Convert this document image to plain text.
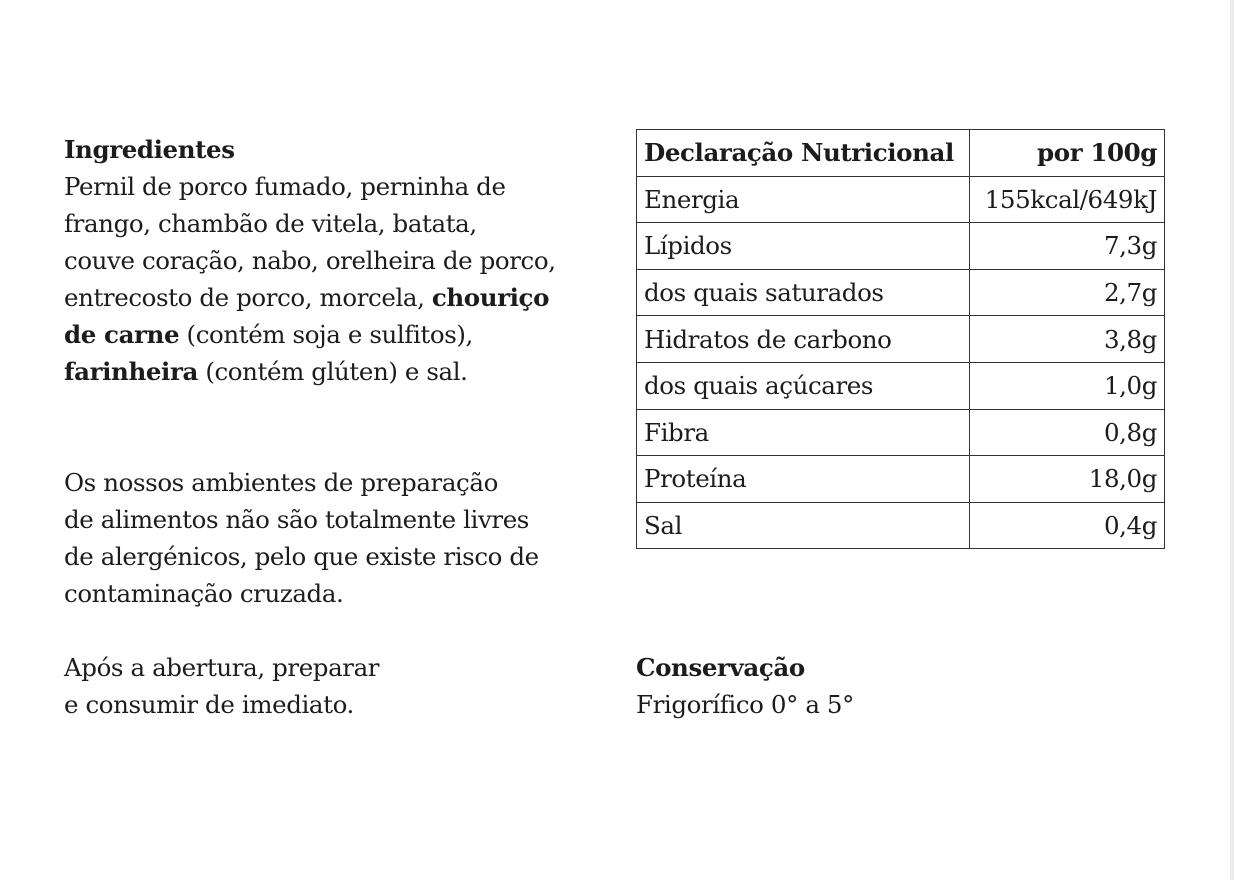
Ingredientes

Pernil de porco fumado, perninha de

frango, chambão de vitela, batata,

couve coração, nabo, orelheira de porco,

entrecosto de porco, morcela, chouriço

de carne (contém soja e sulfitos),

farinheira (contém glúten) e sal.

Os nossos ambientes de preparação

de alimentos não são totalmente livres

de alergénicos, pelo que existe risco de

contaminação cruzada.

Após a abertura, preparar

e consumir de imediato.

Declaração Nutricional	por 100g
Energia	155kcal/649kJ
Lípidos	7,3g
dos quais saturados	2,7g
Hidratos de carbono	3,8g
dos quais açúcares	1,0g
Fibra	0,8g
Proteína	18,0g
Sal	0,4g

Conservação

Frigorífico 0° a 5°
